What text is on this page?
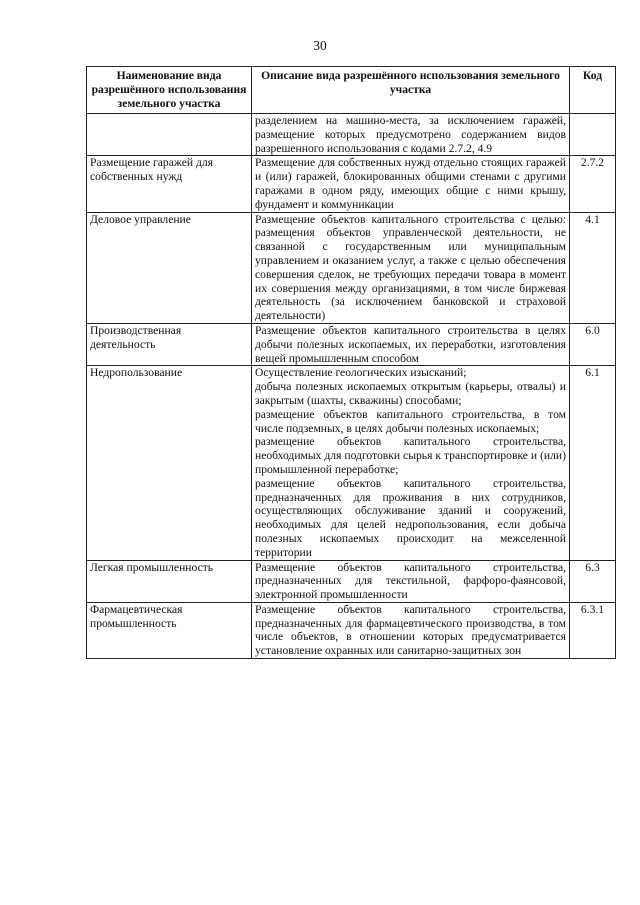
30
Наименование вида разрешённого использования земельного участка	Описание вида разрешённого использования земельного участка	Код
	разделением на машино-места, за исключением гаражей, размещение которых предусмотрено содержанием видов разрешенного использования с кодами 2.7.2, 4.9	
Размещение гаражей для собственных нужд	Размещение для собственных нужд отдельно стоящих гаражей и (или) гаражей, блокированных общими стенами с другими гаражами в одном ряду, имеющих общие с ними крышу, фундамент и коммуникации	2.7.2
Деловое управление	Размещение объектов капитального строительства с целью: размещения объектов управленческой деятельности, не связанной с государственным или муниципальным управлением и оказанием услуг, а также с целью обеспечения совершения сделок, не требующих передачи товара в момент их совершения между организациями, в том числе биржевая деятельность (за исключением банковской и страховой деятельности)	4.1
Производственная деятельность	Размещение объектов капитального строительства в целях добычи полезных ископаемых, их переработки, изготовления вещей промышленным способом	6.0
Недропользование	Осуществление геологических изысканий;
добыча полезных ископаемых открытым (карьеры, отвалы) и закрытым (шахты, скважины) способами;
размещение объектов капитального строительства, в том числе подземных, в целях добычи полезных ископаемых;
размещение объектов капитального строительства, необходимых для подготовки сырья к транспортировке и (или) промышленной переработке;
размещение объектов капитального строительства, предназначенных для проживания в них сотрудников, осуществляющих обслуживание зданий и сооружений, необходимых для целей недропользования, если добыча полезных ископаемых происходит на межселенной территории	6.1
Легкая промышленность	Размещение объектов капитального строительства, предназначенных для текстильной, фарфоро-фаянсовой, электронной промышленности	6.3
Фармацевтическая промышленность	Размещение объектов капитального строительства, предназначенных для фармацевтического производства, в том числе объектов, в отношении которых предусматривается установление охранных или санитарно-защитных зон	6.3.1
